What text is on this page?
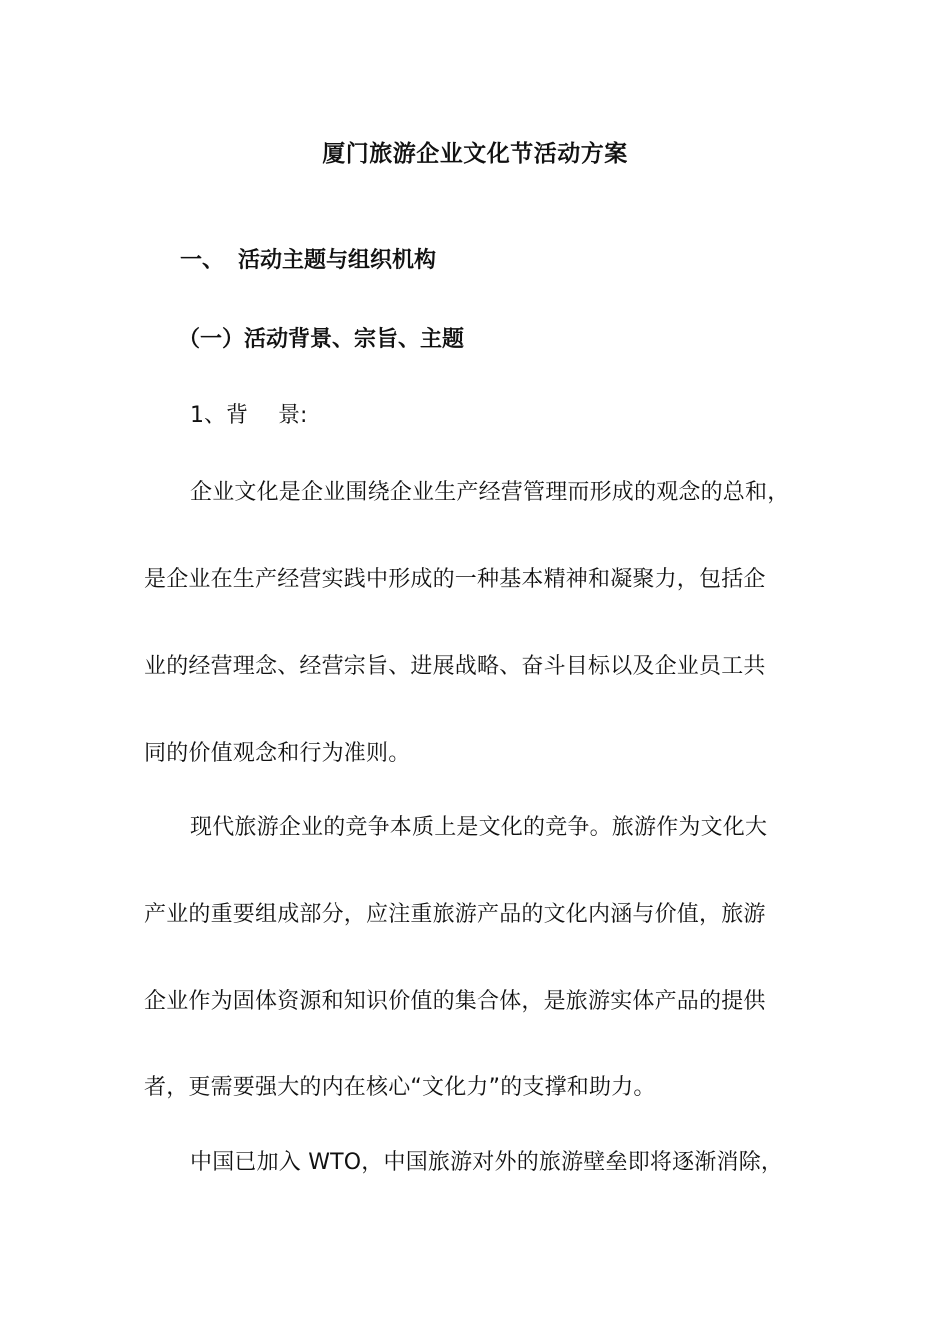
厦门旅游企业文化节活动方案
一、 活动主题与组织机构
（一）活动背景、宗旨、主题
1、背 景:
企业文化是企业围绕企业生产经营管理而形成的观念的总和，
是企业在生产经营实践中形成的一种基本精神和凝聚力，包括企
业的经营理念、经营宗旨、进展战略、奋斗目标以及企业员工共
同的价值观念和行为准则。
现代旅游企业的竞争本质上是文化的竞争。旅游作为文化大
产业的重要组成部分，应注重旅游产品的文化内涵与价值，旅游
企业作为固体资源和知识价值的集合体，是旅游实体产品的提供
者，更需要强大的内在核心“文化力”的支撑和助力。
中国已加入 WTO，中国旅游对外的旅游壁垒即将逐渐消除，
